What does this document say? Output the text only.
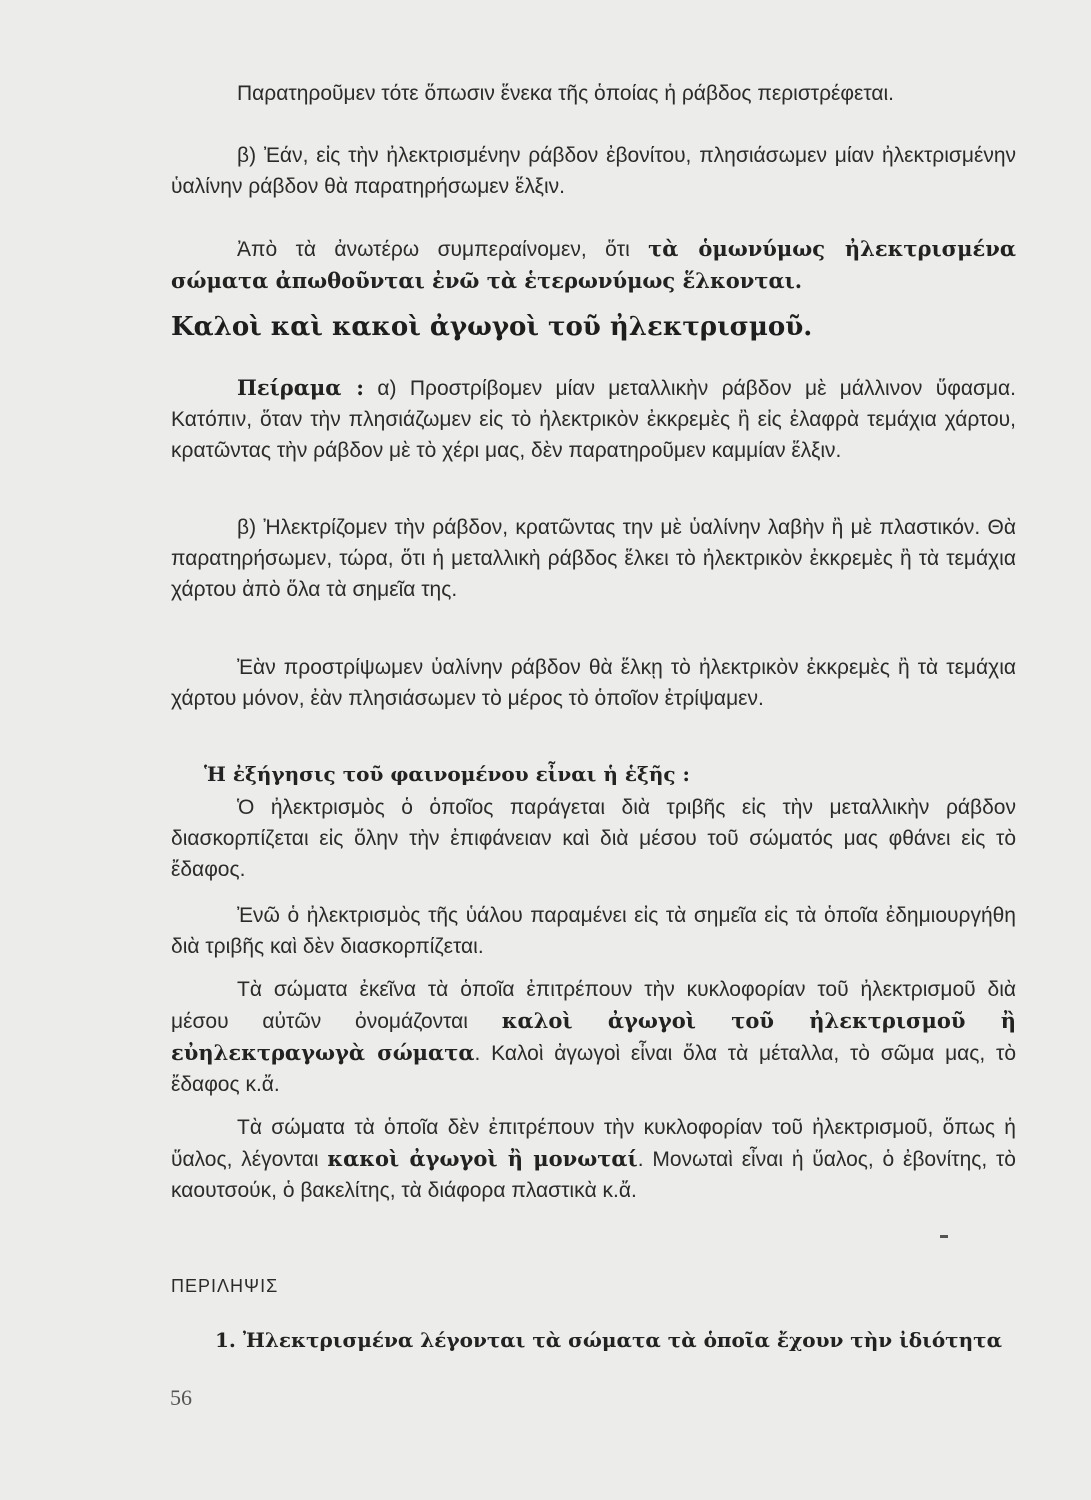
Παρατηροῦμεν τότε ὅπωσιν ἕνεκα τῆς ὁποίας ἡ ράβδος περιστρέφεται.

β) Ἐάν, εἰς τὴν ἠλεκτρισμένην ράβδον ἐβονίτου, πλησιάσωμεν μίαν ἠλεκτρισμένην ὑαλίνην ράβδον θὰ παρατηρήσωμεν ἕλξιν.

Ἀπὸ τὰ ἀνωτέρω συμπεραίνομεν, ὅτι τὰ ὁμωνύμως ἠλεκτρισμένα σώματα ἀπωθοῦνται ἐνῶ τὰ ἑτερωνύμως ἕλκονται.

Καλοὶ καὶ κακοὶ ἀγωγοὶ τοῦ ἠλεκτρισμοῦ.

Πείραμα : α) Προστρίβομεν μίαν μεταλλικὴν ράβδον μὲ μάλλινον ὕφασμα. Κατόπιν, ὅταν τὴν πλησιάζωμεν εἰς τὸ ἠλεκτρικὸν ἐκκρεμὲς ἢ εἰς ἐλαφρὰ τεμάχια χάρτου, κρατῶντας τὴν ράβδον μὲ τὸ χέρι μας, δὲν παρατηροῦμεν καμμίαν ἕλξιν.

β) Ἠλεκτρίζομεν τὴν ράβδον, κρατῶντας την μὲ ὑαλίνην λαβὴν ἢ μὲ πλαστικόν. Θὰ παρατηρήσωμεν, τώρα, ὅτι ἡ μεταλλικὴ ράβδος ἕλκει τὸ ἠλεκτρικὸν ἐκκρεμὲς ἢ τὰ τεμάχια χάρτου ἀπὸ ὅλα τὰ σημεῖα της.

Ἐὰν προστρίψωμεν ὑαλίνην ράβδον θὰ ἕλκῃ τὸ ἠλεκτρικὸν ἐκκρεμὲς ἢ τὰ τεμάχια χάρτου μόνον, ἐὰν πλησιάσωμεν τὸ μέρος τὸ ὁποῖον ἐτρίψαμεν.

Ἡ ἐξήγησις τοῦ φαινομένου εἶναι ἡ ἑξῆς :

Ὁ ἠλεκτρισμὸς ὁ ὁποῖος παράγεται διὰ τριβῆς εἰς τὴν μεταλλικὴν ράβδον διασκορπίζεται εἰς ὅλην τὴν ἐπιφάνειαν καὶ διὰ μέσου τοῦ σώματός μας φθάνει εἰς τὸ ἔδαφος.

Ἐνῶ ὁ ἠλεκτρισμὸς τῆς ὑάλου παραμένει εἰς τὰ σημεῖα εἰς τὰ ὁποῖα ἐδημιουργήθη διὰ τριβῆς καὶ δὲν διασκορπίζεται.

Τὰ σώματα ἐκεῖνα τὰ ὁποῖα ἐπιτρέπουν τὴν κυκλοφορίαν τοῦ ἠλεκτρισμοῦ διὰ μέσου αὐτῶν ὀνομάζονται καλοὶ ἀγωγοὶ τοῦ ἠλεκτρισμοῦ ἢ εὐηλεκτραγωγὰ σώματα. Καλοὶ ἀγωγοὶ εἶναι ὅλα τὰ μέταλλα, τὸ σῶμα μας, τὸ ἔδαφος κ.ἄ.

Τὰ σώματα τὰ ὁποῖα δὲν ἐπιτρέπουν τὴν κυκλοφορίαν τοῦ ἠλεκτρισμοῦ, ὅπως ἡ ὕαλος, λέγονται κακοὶ ἀγωγοὶ ἢ μονωταί. Μονωταὶ εἶναι ἡ ὕαλος, ὁ ἐβονίτης, τὸ καουτσούκ, ὁ βακελίτης, τὰ διάφορα πλαστικὰ κ.ἄ.

ΠΕΡΙΛΗΨΙΣ

1. Ἠλεκτρισμένα λέγονται τὰ σώματα τὰ ὁποῖα ἔχουν τὴν ἰδιότητα

56
